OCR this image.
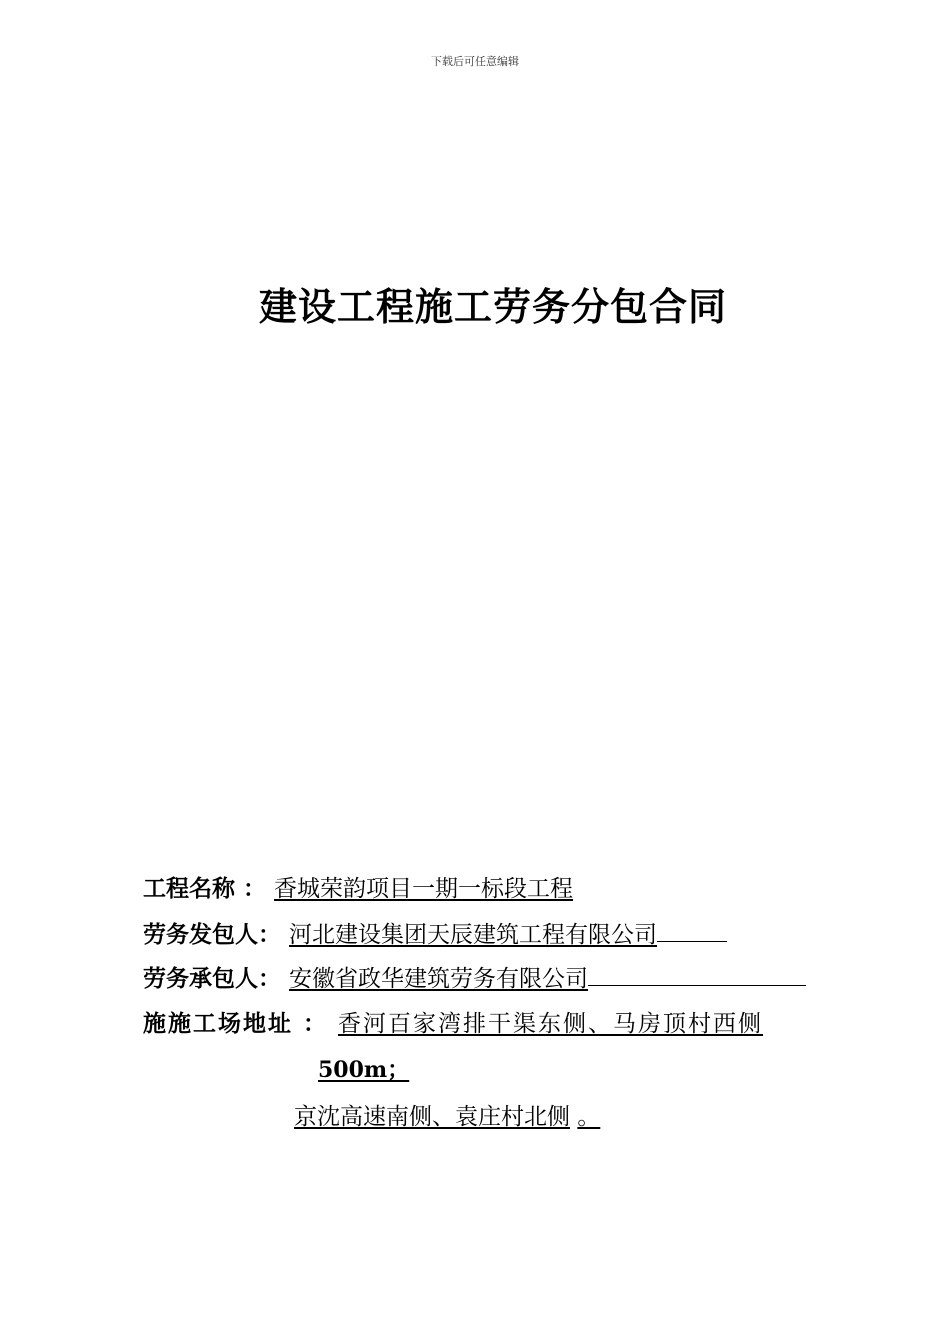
下载后可任意编辑
建设工程施工劳务分包合同
工程名称 ： 香城荣韵项目一期一标段工程
劳务发包人： 河北建设集团天辰建筑工程有限公司
劳务承包人： 安徽省政华建筑劳务有限公司
施施工场地址 ： 香河百家湾排干渠东侧、马房顶村西侧
500m；
京沈高速南侧、袁庄村北侧 。
